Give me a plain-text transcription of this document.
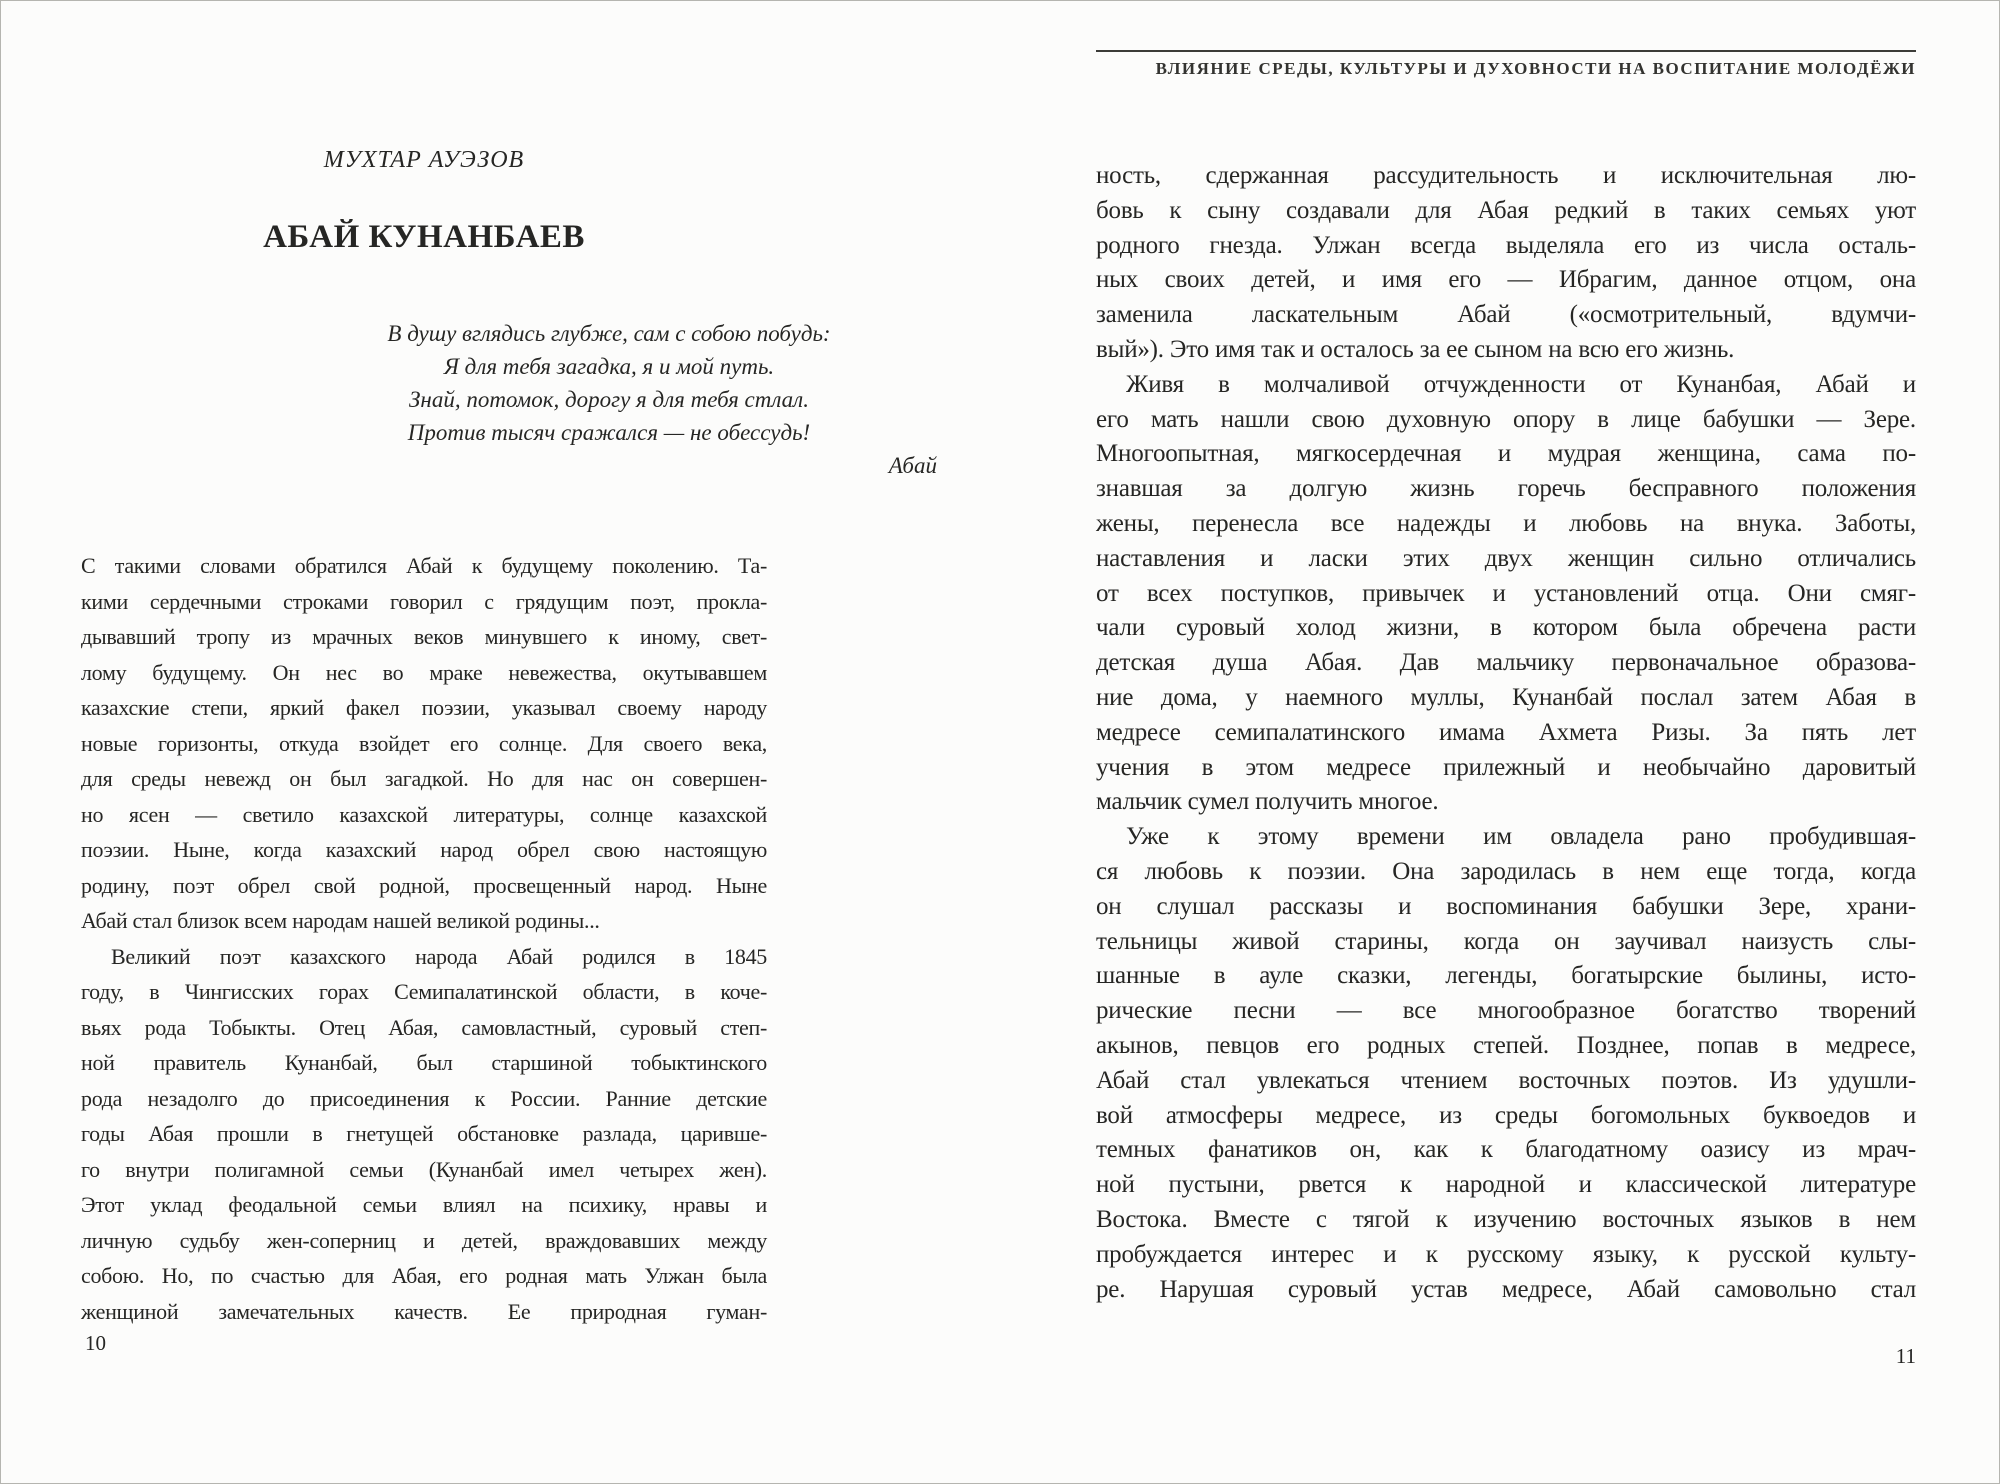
МУХТАР АУЭЗОВ
АБАЙ КУНАНБАЕВ
В душу вглядись глубже, сам с собою побудь:
Я для тебя загадка, я и мой путь.
Знай, потомок, дорогу я для тебя стлал.
Против тысяч сражался — не обессудь!
Абай
С такими словами обратился Абай к будущему поколению. Та-
кими сердечными строками говорил с грядущим поэт, прокла-
дывавший тропу из мрачных веков минувшего к иному, свет-
лому будущему. Он нес во мраке невежества, окутывавшем
казахские степи, яркий факел поэзии, указывал своему народу
новые горизонты, откуда взойдет его солнце. Для своего века,
для среды невежд он был загадкой. Но для нас он совершен-
но ясен — светило казахской литературы, солнце казахской
поэзии. Ныне, когда казахский народ обрел свою настоящую
родину, поэт обрел свой родной, просвещенный народ. Ныне
Абай стал близок всем народам нашей великой родины...
Великий поэт казахского народа Абай родился в 1845
году, в Чингисских горах Семипалатинской области, в коче-
вьях рода Тобыкты. Отец Абая, самовластный, суровый степ-
ной правитель Кунанбай, был старшиной тобыктинского
рода незадолго до присоединения к России. Ранние детские
годы Абая прошли в гнетущей обстановке разлада, царивше-
го внутри полигамной семьи (Кунанбай имел четырех жен).
Этот уклад феодальной семьи влиял на психику, нравы и
личную судьбу жен-соперниц и детей, враждовавших между
собою. Но, по счастью для Абая, его родная мать Улжан была
женщиной замечательных качеств. Ее природная гуман-
10
ВЛИЯНИЕ СРЕДЫ, КУЛЬТУРЫ И ДУХОВНОСТИ НА ВОСПИТАНИЕ МОЛОДЁЖИ
ность, сдержанная рассудительность и исключительная лю-
бовь к сыну создавали для Абая редкий в таких семьях уют
родного гнезда. Улжан всегда выделяла его из числа осталь-
ных своих детей, и имя его — Ибрагим, данное отцом, она
заменила ласкательным Абай («осмотрительный, вдумчи-
вый»). Это имя так и осталось за ее сыном на всю его жизнь.
Живя в молчаливой отчужденности от Кунанбая, Абай и
его мать нашли свою духовную опору в лице бабушки — Зере.
Многоопытная, мягкосердечная и мудрая женщина, сама по-
знавшая за долгую жизнь горечь бесправного положения
жены, перенесла все надежды и любовь на внука. Заботы,
наставления и ласки этих двух женщин сильно отличались
от всех поступков, привычек и установлений отца. Они смяг-
чали суровый холод жизни, в котором была обречена расти
детская душа Абая. Дав мальчику первоначальное образова-
ние дома, у наемного муллы, Кунанбай послал затем Абая в
медресе семипалатинского имама Ахмета Ризы. За пять лет
учения в этом медресе прилежный и необычайно даровитый
мальчик сумел получить многое.
Уже к этому времени им овладела рано пробудившая-
ся любовь к поэзии. Она зародилась в нем еще тогда, когда
он слушал рассказы и воспоминания бабушки Зере, храни-
тельницы живой старины, когда он заучивал наизусть слы-
шанные в ауле сказки, легенды, богатырские былины, исто-
рические песни — все многообразное богатство творений
акынов, певцов его родных степей. Позднее, попав в медресе,
Абай стал увлекаться чтением восточных поэтов. Из удушли-
вой атмосферы медресе, из среды богомольных буквоедов и
темных фанатиков он, как к благодатному оазису из мрач-
ной пустыни, рвется к народной и классической литературе
Востока. Вместе с тягой к изучению восточных языков в нем
пробуждается интерес и к русскому языку, к русской культу-
ре. Нарушая суровый устав медресе, Абай самовольно стал
11
